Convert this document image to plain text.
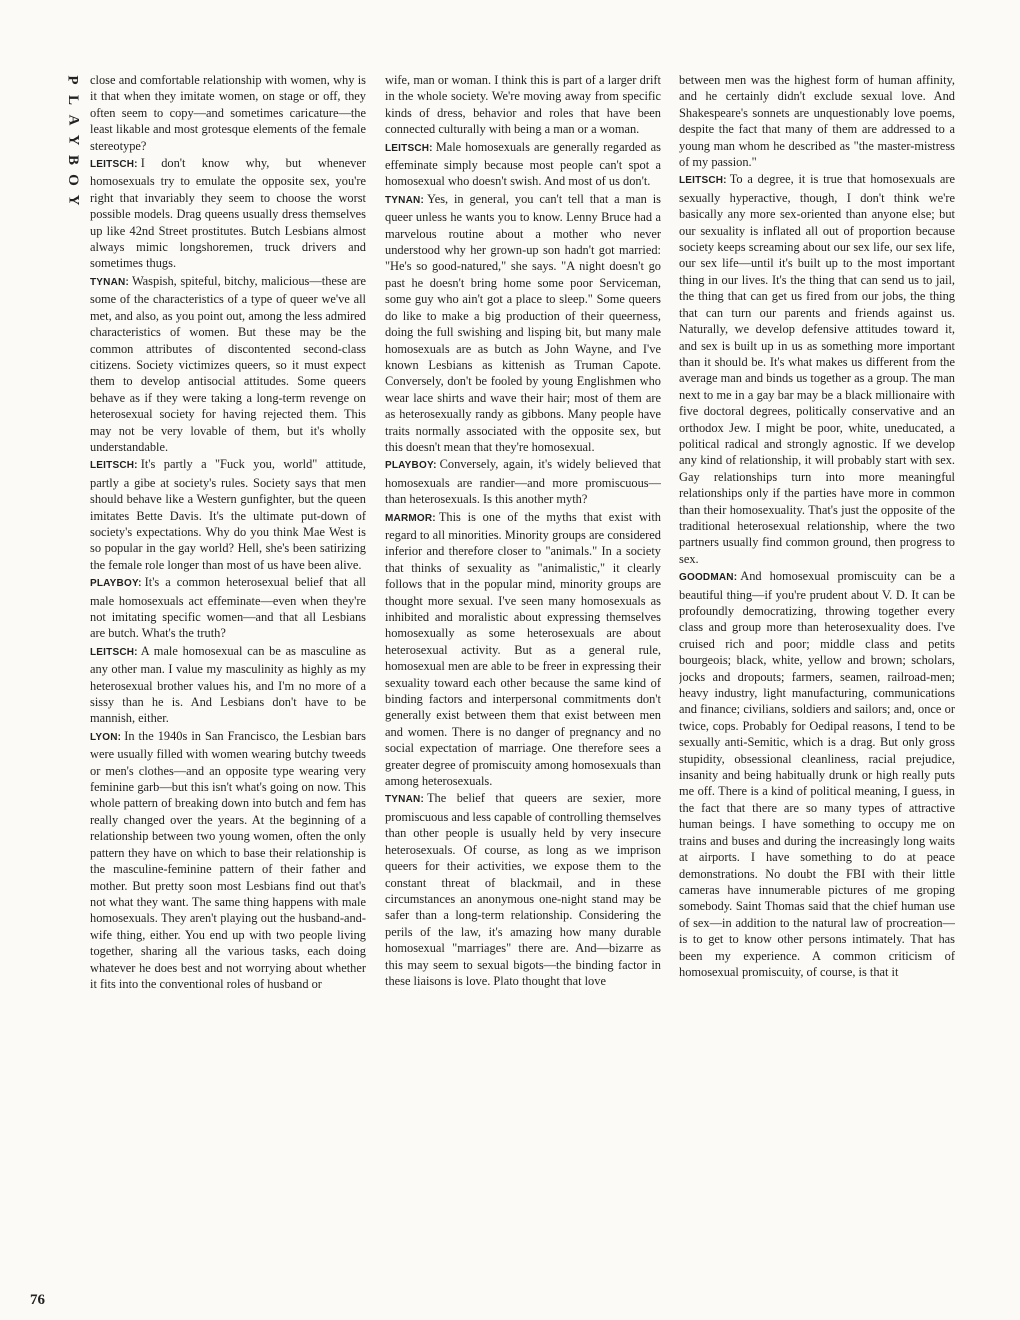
P
L
A
Y
B
O
Y

close and comfortable relationship with women, why is it that when they imitate women, on stage or off, they often seem to copy—and sometimes caricature—the least likable and most grotesque elements of the female stereotype?

LEITSCH: I don't know why, but whenever homosexuals try to emulate the opposite sex, you're right that invariably they seem to choose the worst possible models. Drag queens usually dress themselves up like 42nd Street prostitutes. Butch Lesbians almost always mimic longshoremen, truck drivers and sometimes thugs.

TYNAN: Waspish, spiteful, bitchy, malicious—these are some of the characteristics of a type of queer we've all met, and also, as you point out, among the less admired characteristics of women. But these may be the common attributes of discontented second-class citizens. Society victimizes queers, so it must expect them to develop antisocial attitudes. Some queers behave as if they were taking a long-term revenge on heterosexual society for having rejected them. This may not be very lovable of them, but it's wholly understandable.

LEITSCH: It's partly a "Fuck you, world" attitude, partly a gibe at society's rules. Society says that men should behave like a Western gunfighter, but the queen imitates Bette Davis. It's the ultimate put-down of society's expectations. Why do you think Mae West is so popular in the gay world? Hell, she's been satirizing the female role longer than most of us have been alive.

PLAYBOY: It's a common heterosexual belief that all male homosexuals act effeminate—even when they're not imitating specific women—and that all Lesbians are butch. What's the truth?

LEITSCH: A male homosexual can be as masculine as any other man. I value my masculinity as highly as my heterosexual brother values his, and I'm no more of a sissy than he is. And Lesbians don't have to be mannish, either.

LYON: In the 1940s in San Francisco, the Lesbian bars were usually filled with women wearing butchy tweeds or men's clothes—and an opposite type wearing very feminine garb—but this isn't what's going on now. This whole pattern of breaking down into butch and fem has really changed over the years. At the beginning of a relationship between two young women, often the only pattern they have on which to base their relationship is the masculine-feminine pattern of their father and mother. But pretty soon most Lesbians find out that's not what they want. The same thing happens with male homosexuals. They aren't playing out the husband-and-wife thing, either. You end up with two people living together, sharing all the various tasks, each doing whatever he does best and not worrying about whether it fits into the conventional roles of husband or

wife, man or woman. I think this is part of a larger drift in the whole society. We're moving away from specific kinds of dress, behavior and roles that have been connected culturally with being a man or a woman.

LEITSCH: Male homosexuals are generally regarded as effeminate simply because most people can't spot a homosexual who doesn't swish. And most of us don't.

TYNAN: Yes, in general, you can't tell that a man is queer unless he wants you to know. Lenny Bruce had a marvelous routine about a mother who never understood why her grown-up son hadn't got married: "He's so good-natured," she says. "A night doesn't go past he doesn't bring home some poor Serviceman, some guy who ain't got a place to sleep." Some queers do like to make a big production of their queerness, doing the full swishing and lisping bit, but many male homosexuals are as butch as John Wayne, and I've known Lesbians as kittenish as Truman Capote. Conversely, don't be fooled by young Englishmen who wear lace shirts and wave their hair; most of them are as heterosexually randy as gibbons. Many people have traits normally associated with the opposite sex, but this doesn't mean that they're homosexual.

PLAYBOY: Conversely, again, it's widely believed that homosexuals are randier—and more promiscuous—than heterosexuals. Is this another myth?

MARMOR: This is one of the myths that exist with regard to all minorities. Minority groups are considered inferior and therefore closer to "animals." In a society that thinks of sexuality as "animalistic," it clearly follows that in the popular mind, minority groups are thought more sexual. I've seen many homosexuals as inhibited and moralistic about expressing themselves homosexually as some heterosexuals are about heterosexual activity. But as a general rule, homosexual men are able to be freer in expressing their sexuality toward each other because the same kind of binding factors and interpersonal commitments don't generally exist between them that exist between men and women. There is no danger of pregnancy and no social expectation of marriage. One therefore sees a greater degree of promiscuity among homosexuals than among heterosexuals.

TYNAN: The belief that queers are sexier, more promiscuous and less capable of controlling themselves than other people is usually held by very insecure heterosexuals. Of course, as long as we imprison queers for their activities, we expose them to the constant threat of blackmail, and in these circumstances an anonymous one-night stand may be safer than a long-term relationship. Considering the perils of the law, it's amazing how many durable homosexual "marriages" there are. And—bizarre as this may seem to sexual bigots—the binding factor in these liaisons is love. Plato thought that love

between men was the highest form of human affinity, and he certainly didn't exclude sexual love. And Shakespeare's sonnets are unquestionably love poems, despite the fact that many of them are addressed to a young man whom he described as "the master-mistress of my passion."

LEITSCH: To a degree, it is true that homosexuals are sexually hyperactive, though, I don't think we're basically any more sex-oriented than anyone else; but our sexuality is inflated all out of proportion because society keeps screaming about our sex life, our sex life, our sex life—until it's built up to the most important thing in our lives. It's the thing that can send us to jail, the thing that can get us fired from our jobs, the thing that can turn our parents and friends against us. Naturally, we develop defensive attitudes toward it, and sex is built up in us as something more important than it should be. It's what makes us different from the average man and binds us together as a group. The man next to me in a gay bar may be a black millionaire with five doctoral degrees, politically conservative and an orthodox Jew. I might be poor, white, uneducated, a political radical and strongly agnostic. If we develop any kind of relationship, it will probably start with sex. Gay relationships turn into more meaningful relationships only if the parties have more in common than their homosexuality. That's just the opposite of the traditional heterosexual relationship, where the two partners usually find common ground, then progress to sex.

GOODMAN: And homosexual promiscuity can be a beautiful thing—if you're prudent about V. D. It can be profoundly democratizing, throwing together every class and group more than heterosexuality does. I've cruised rich and poor; middle class and petits bourgeois; black, white, yellow and brown; scholars, jocks and dropouts; farmers, seamen, railroad-men; heavy industry, light manufacturing, communications and finance; civilians, soldiers and sailors; and, once or twice, cops. Probably for Oedipal reasons, I tend to be sexually anti-Semitic, which is a drag. But only gross stupidity, obsessional cleanliness, racial prejudice, insanity and being habitually drunk or high really puts me off. There is a kind of political meaning, I guess, in the fact that there are so many types of attractive human beings. I have something to occupy me on trains and buses and during the increasingly long waits at airports. I have something to do at peace demonstrations. No doubt the FBI with their little cameras have innumerable pictures of me groping somebody. Saint Thomas said that the chief human use of sex—in addition to the natural law of procreation—is to get to know other persons intimately. That has been my experience. A common criticism of homosexual promiscuity, of course, is that it

76
